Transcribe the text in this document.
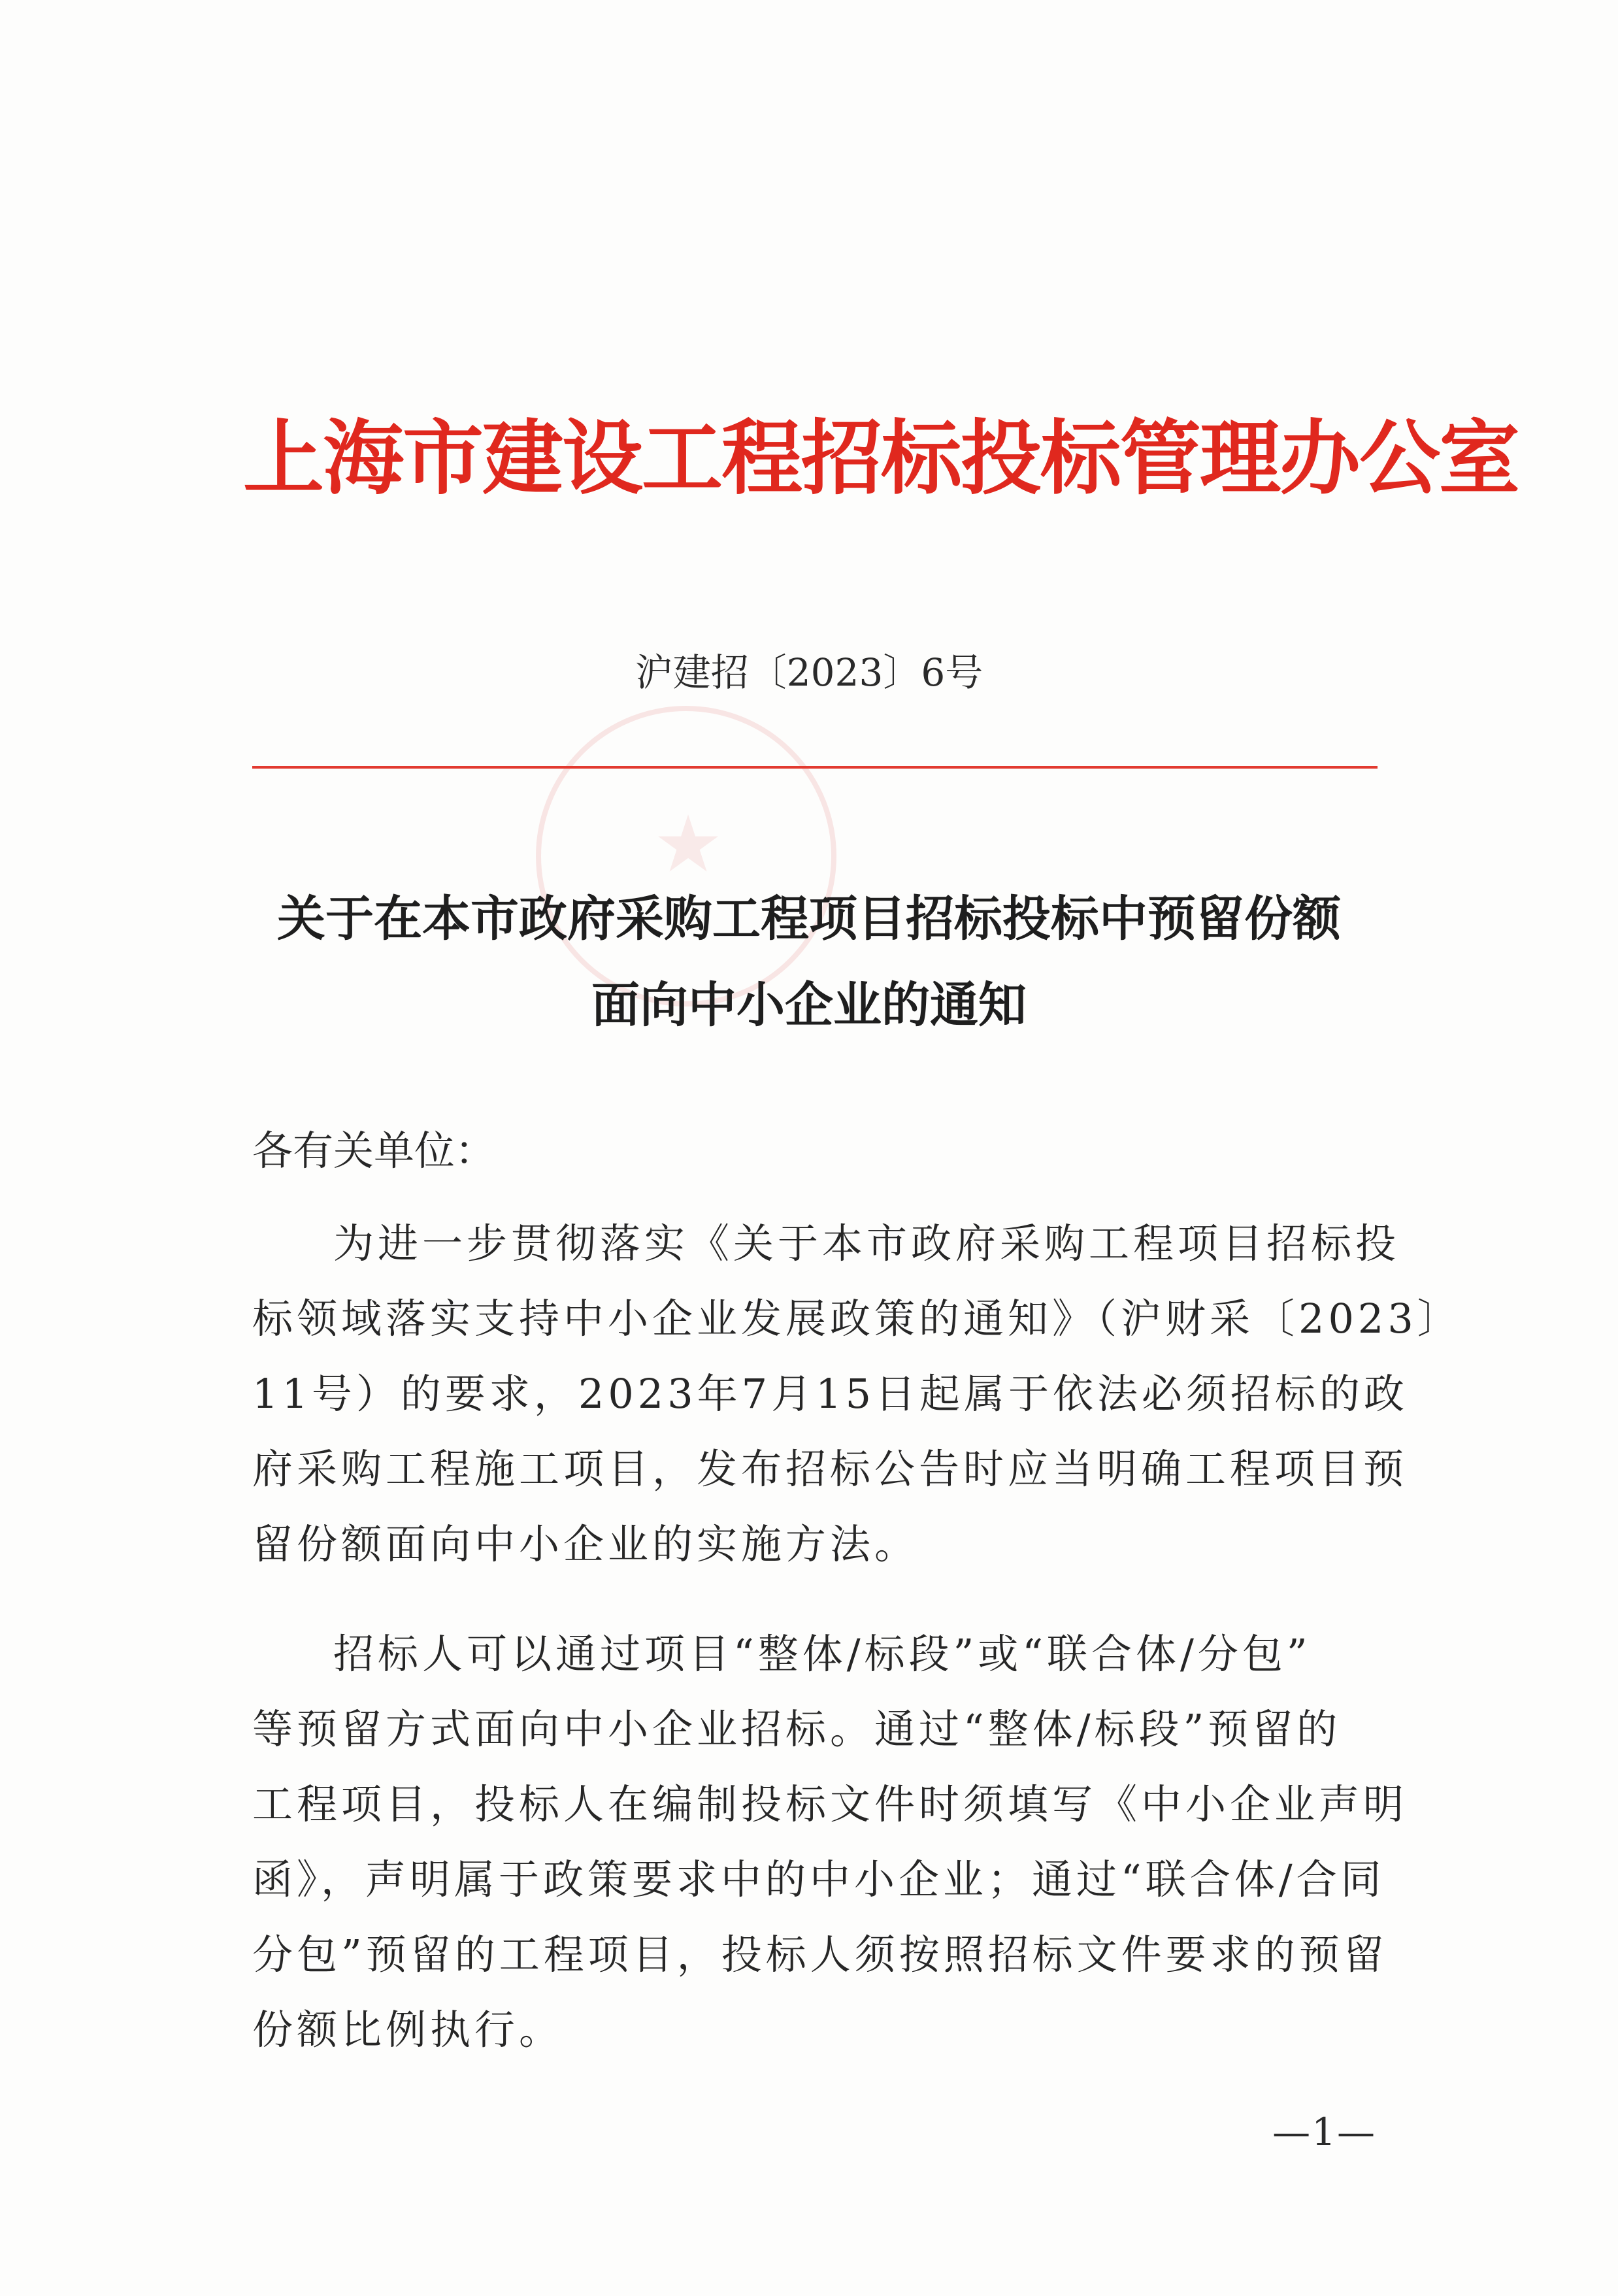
★
上海市建设工程招标投标管理办公室
沪建招〔2023〕6号
关于在本市政府采购工程项目招标投标中预留份额
面向中小企业的通知
各有关单位：
为进一步贯彻落实《关于本市政府采购工程项目招标投
标领域落实支持中小企业发展政策的通知》（沪财采〔2023〕
11号）的要求，2023年7月15日起属于依法必须招标的政
府采购工程施工项目，发布招标公告时应当明确工程项目预
留份额面向中小企业的实施方法。
招标人可以通过项目“整体/标段”或“联合体/分包”
等预留方式面向中小企业招标。通过“整体/标段”预留的
工程项目，投标人在编制投标文件时须填写《中小企业声明
函》，声明属于政策要求中的中小企业；通过“联合体/合同
分包”预留的工程项目，投标人须按照招标文件要求的预留
份额比例执行。
—1—
